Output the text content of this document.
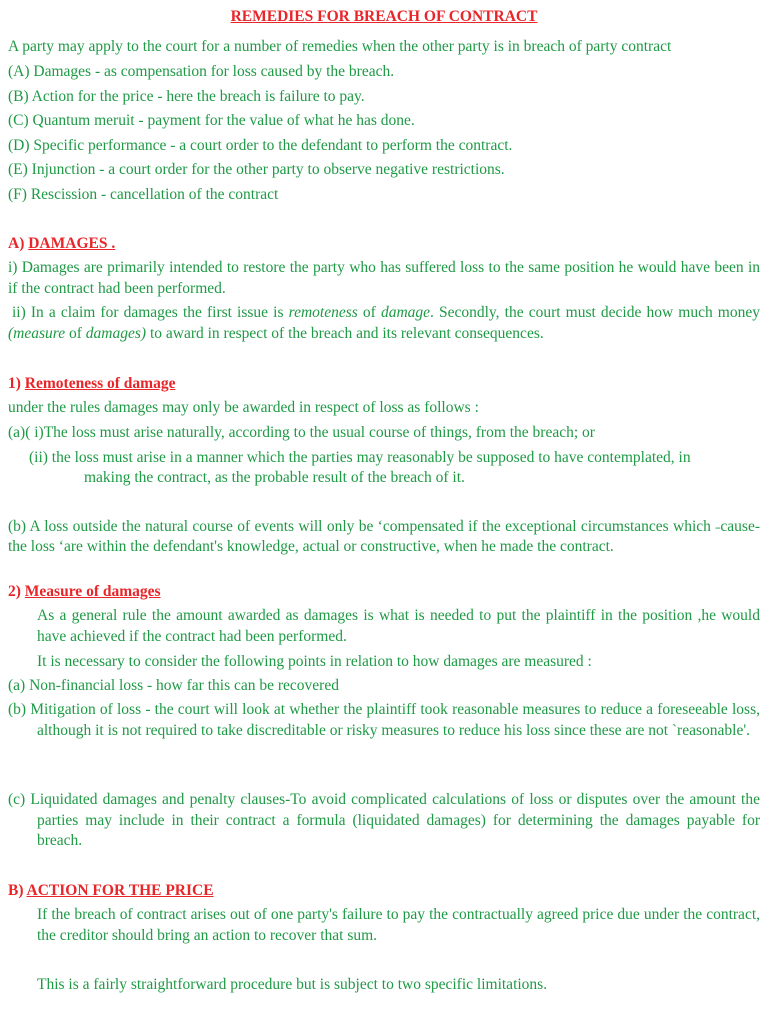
REMEDIES FOR BREACH OF CONTRACT

A party may apply to the court for a number of remedies when the other party is in breach of party contract

(A) Damages - as compensation for loss caused by the breach.

(B) Action for the price - here the breach is failure to pay.

(C) Quantum meruit - payment for the value of what he has done.

(D) Specific performance - a court order to the defendant to perform the contract.

(E) Injunction - a court order for the other party to observe negative restrictions.

(F) Rescission - cancellation of the contract

A) DAMAGES .

i) Damages are primarily intended to restore the party who has suffered loss to the same position he would have been in if the contract had been performed.

ii) In a claim for damages the first issue is remoteness of damage. Secondly, the court must decide how much money (measure of damages) to award in respect of the breach and its relevant consequences.

1) Remoteness of damage

under the rules damages may only be awarded in respect of loss as follows :

(a)( i)The loss must arise naturally, according to the usual course of things, from the breach; or

(ii) the loss must arise in a manner which the parties may reasonably be supposed to have contemplated, in

making the contract, as the probable result of the breach of it.

(b) A loss outside the natural course of events will only be ‘compensated if the exceptional circumstances which ˗cause-the loss ‘are within the defendant's knowledge, actual or constructive, when he made the contract.

2) Measure of damages

As a general rule the amount awarded as damages is what is needed to put the plaintiff in the position ,he would have achieved if the contract had been performed.

It is necessary to consider the following points in relation to how damages are measured :

(a) Non-financial loss - how far this can be recovered

(b) Mitigation of loss - the court will look at whether the plaintiff took reasonable measures to reduce a foreseeable loss, although it is not required to take discreditable or risky measures to reduce his loss since these are not `reasonable'.

(c) Liquidated damages and penalty clauses-To avoid complicated calculations of loss or disputes over the amount the parties may include in their contract a formula (liquidated damages) for determining the damages payable for breach.

B) ACTION FOR THE PRICE

If the breach of contract arises out of one party's failure to pay the contractually agreed price due under the contract, the creditor should bring an action to recover that sum.

This is a fairly straightforward procedure but is subject to two specific limitations.
